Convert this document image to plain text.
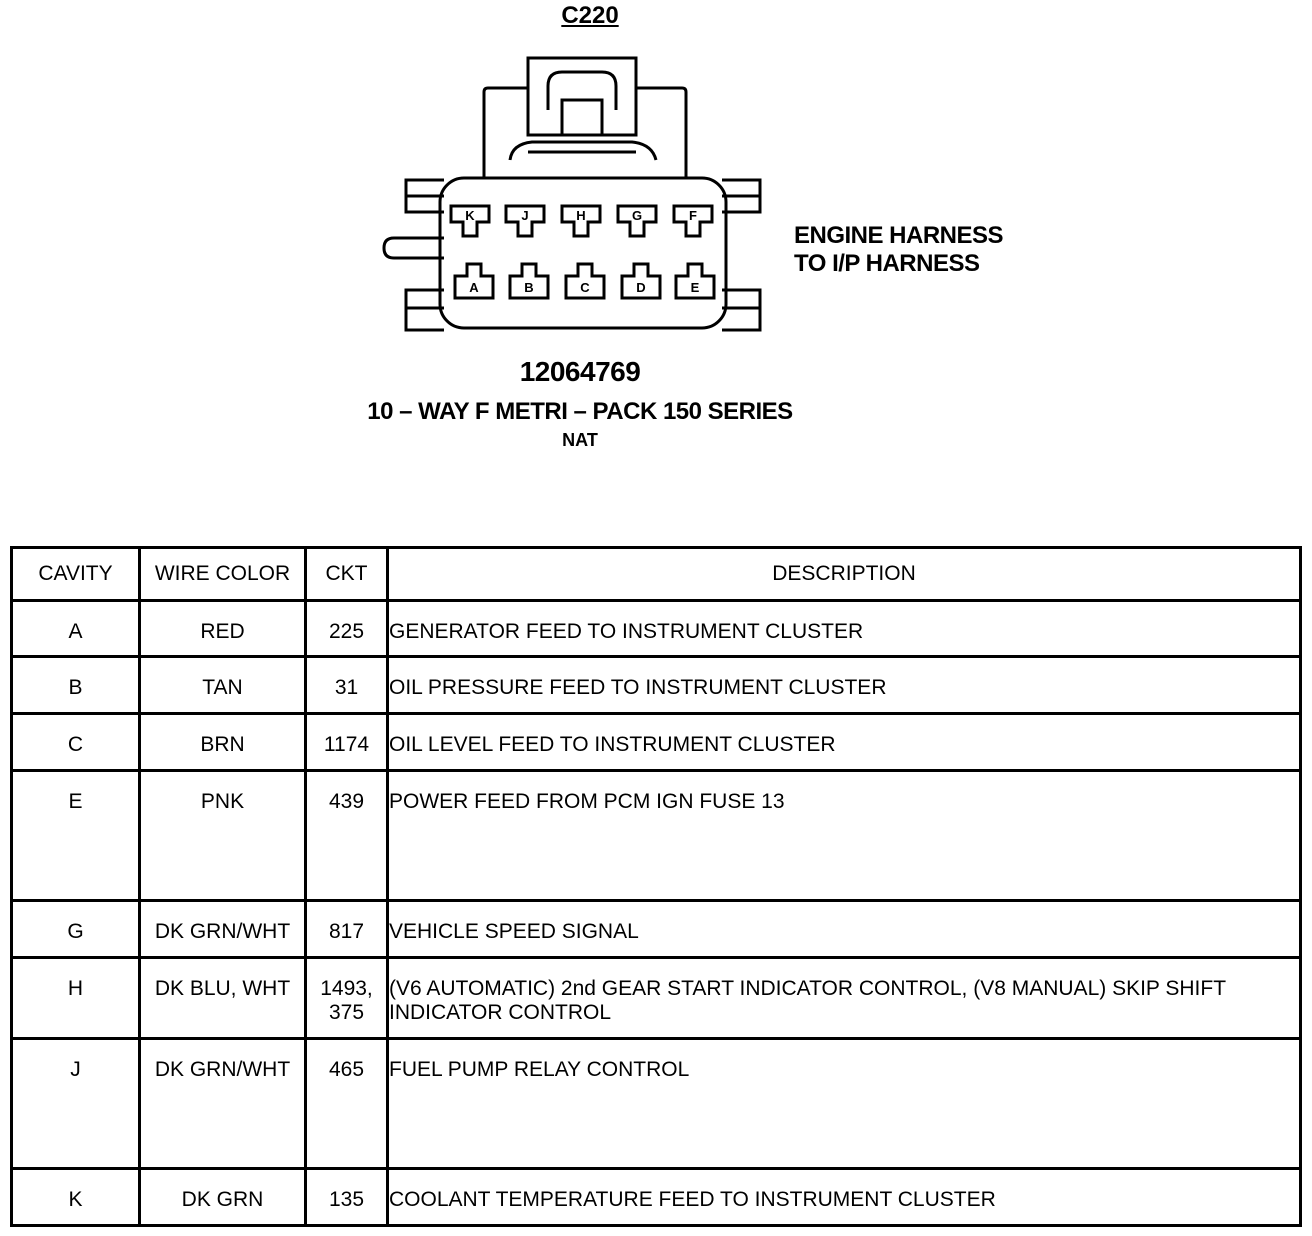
C220
K	J	H	G	F
A	B	C	D	E
ENGINE HARNESS
TO I/P HARNESS
12064769
10 – WAY F METRI – PACK 150 SERIES
NAT
CAVITY	WIRE COLOR	CKT	DESCRIPTION
A	RED	225	GENERATOR FEED TO INSTRUMENT CLUSTER
B	TAN	31	OIL PRESSURE FEED TO INSTRUMENT CLUSTER
C	BRN	1174	OIL LEVEL FEED TO INSTRUMENT CLUSTER
E	PNK	439	POWER FEED FROM PCM IGN FUSE 13
G	DK GRN/WHT	817	VEHICLE SPEED SIGNAL
H	DK BLU, WHT	1493, 375	(V6 AUTOMATIC) 2nd GEAR START INDICATOR CONTROL, (V8 MANUAL) SKIP SHIFT INDICATOR CONTROL
J	DK GRN/WHT	465	FUEL PUMP RELAY CONTROL
K	DK GRN	135	COOLANT TEMPERATURE FEED TO INSTRUMENT CLUSTER
